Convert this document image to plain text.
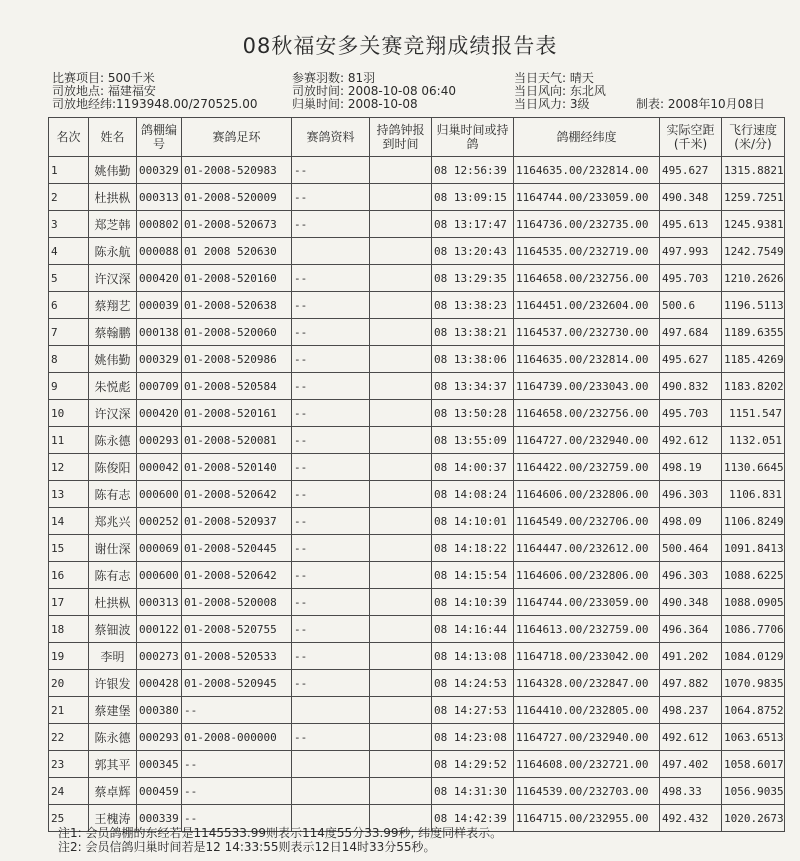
08秋福安多关赛竞翔成绩报告表
比赛项目: 500千米
司放地点: 福建福安
司放地经纬:1193948.00/270525.00
参赛羽数: 81羽
司放时间: 2008-10-08 06:40
归巢时间: 2008-10-08
当日天气: 晴天
当日风向: 东北风
当日风力: 3级	制表: 2008年10月08日
名次	姓名	鸽棚编号	赛鸽足环	赛鸽资料	持鸽钟报到时间	归巢时间或持鸽	鸽棚经纬度	实际空距(千米)	飞行速度(米/分)
1	姚伟勤	000329	01-2008-520983	--		08 12:56:39	1164635.00/232814.00	495.627	1315.8821
2	杜拱枞	000313	01-2008-520009	--		08 13:09:15	1164744.00/233059.00	490.348	1259.7251
3	郑芝韩	000802	01-2008-520673	--		08 13:17:47	1164736.00/232735.00	495.613	1245.9381
4	陈永航	000088	01 2008 520630			08 13:20:43	1164535.00/232719.00	497.993	1242.7549
5	许汉深	000420	01-2008-520160	--		08 13:29:35	1164658.00/232756.00	495.703	1210.2626
6	蔡翔艺	000039	01-2008-520638	--		08 13:38:23	1164451.00/232604.00	500.6	1196.5113
7	蔡翰鹏	000138	01-2008-520060	--		08 13:38:21	1164537.00/232730.00	497.684	1189.6355
8	姚伟勤	000329	01-2008-520986	--		08 13:38:06	1164635.00/232814.00	495.627	1185.4269
9	朱悦彪	000709	01-2008-520584	--		08 13:34:37	1164739.00/233043.00	490.832	1183.8202
10	许汉深	000420	01-2008-520161	--		08 13:50:28	1164658.00/232756.00	495.703	1151.547
11	陈永德	000293	01-2008-520081	--		08 13:55:09	1164727.00/232940.00	492.612	1132.051
12	陈俊阳	000042	01-2008-520140	--		08 14:00:37	1164422.00/232759.00	498.19	1130.6645
13	陈有志	000600	01-2008-520642	--		08 14:08:24	1164606.00/232806.00	496.303	1106.831
14	郑兆兴	000252	01-2008-520937	--		08 14:10:01	1164549.00/232706.00	498.09	1106.8249
15	谢仕深	000069	01-2008-520445	--		08 14:18:22	1164447.00/232612.00	500.464	1091.8413
16	陈有志	000600	01-2008-520642	--		08 14:15:54	1164606.00/232806.00	496.303	1088.6225
17	杜拱枞	000313	01-2008-520008	--		08 14:10:39	1164744.00/233059.00	490.348	1088.0905
18	蔡钿波	000122	01-2008-520755	--		08 14:16:44	1164613.00/232759.00	496.364	1086.7706
19	李明	000273	01-2008-520533	--		08 14:13:08	1164718.00/233042.00	491.202	1084.0129
20	许银发	000428	01-2008-520945	--		08 14:24:53	1164328.00/232847.00	497.882	1070.9835
21	蔡建堡	000380	--			08 14:27:53	1164410.00/232805.00	498.237	1064.8752
22	陈永德	000293	01-2008-000000	--		08 14:23:08	1164727.00/232940.00	492.612	1063.6513
23	郭其平	000345	--			08 14:29:52	1164608.00/232721.00	497.402	1058.6017
24	蔡卓辉	000459	--			08 14:31:30	1164539.00/232703.00	498.33	1056.9035
25	王槐涛	000339	--			08 14:42:39	1164715.00/232955.00	492.432	1020.2673
注1: 会员鸽棚的东经若是1145533.99则表示114度55分33.99秒, 纬度同样表示。
注2: 会员信鸽归巢时间若是12 14:33:55则表示12日14时33分55秒。
